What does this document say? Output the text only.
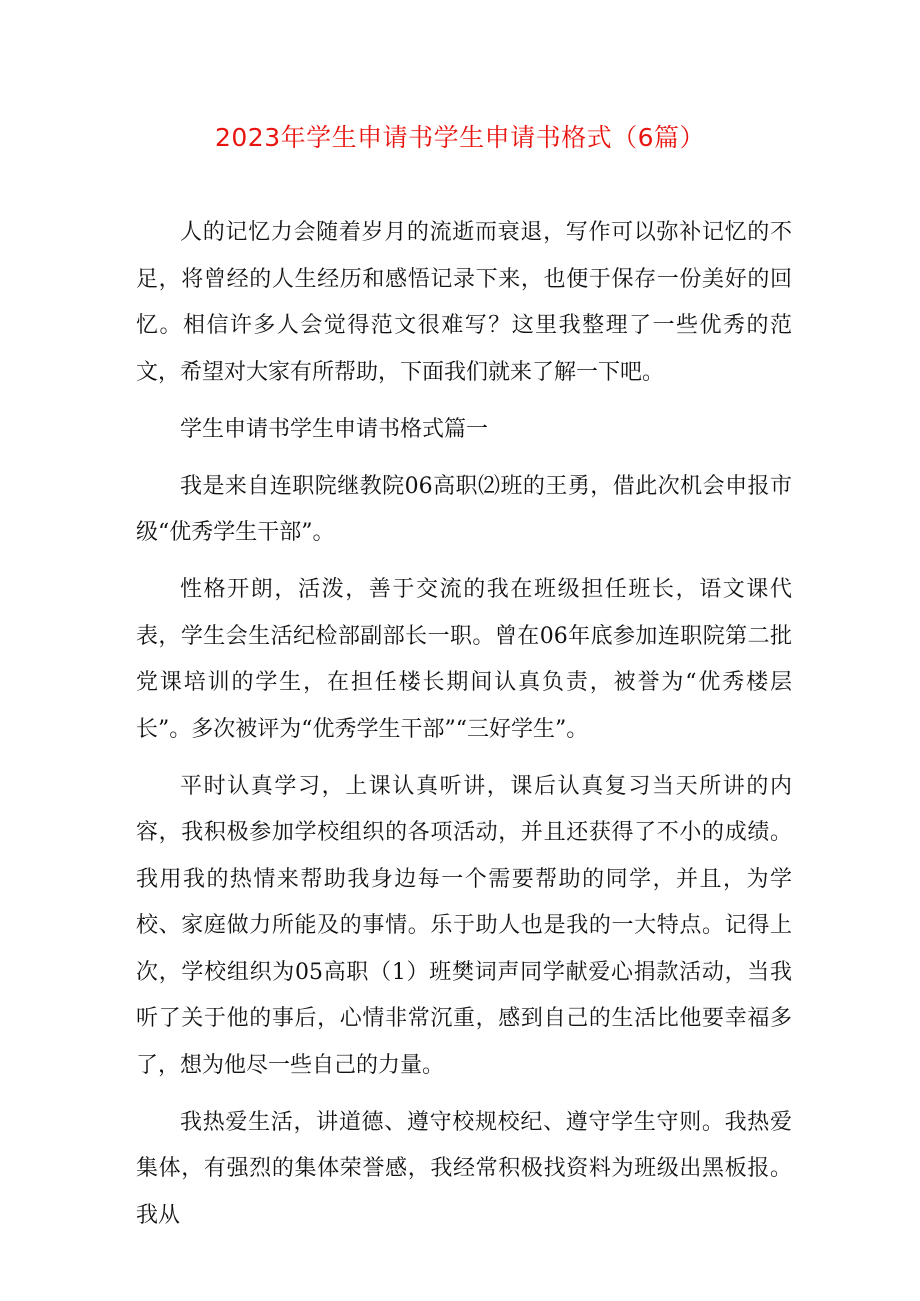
2023年学生申请书学生申请书格式（6篇）

人的记忆力会随着岁月的流逝而衰退，写作可以弥补记忆的不足，将曾经的人生经历和感悟记录下来，也便于保存一份美好的回忆。相信许多人会觉得范文很难写？这里我整理了一些优秀的范文，希望对大家有所帮助，下面我们就来了解一下吧。

学生申请书学生申请书格式篇一

我是来自连职院继教院06高职⑵班的王勇，借此次机会申报市级“优秀学生干部”。

性格开朗，活泼，善于交流的我在班级担任班长，语文课代表，学生会生活纪检部副部长一职。曾在06年底参加连职院第二批党课培训的学生，在担任楼长期间认真负责，被誉为“优秀楼层长”。多次被评为“优秀学生干部”“三好学生”。

平时认真学习，上课认真听讲，课后认真复习当天所讲的内容，我积极参加学校组织的各项活动，并且还获得了不小的成绩。我用我的热情来帮助我身边每一个需要帮助的同学，并且，为学校、家庭做力所能及的事情。乐于助人也是我的一大特点。记得上次，学校组织为05高职（1）班樊词声同学献爱心捐款活动，当我听了关于他的事后，心情非常沉重，感到自己的生活比他要幸福多了，想为他尽一些自己的力量。

我热爱生活，讲道德、遵守校规校纪、遵守学生守则。我热爱集体，有强烈的集体荣誉感，我经常积极找资料为班级出黑板报。我从
